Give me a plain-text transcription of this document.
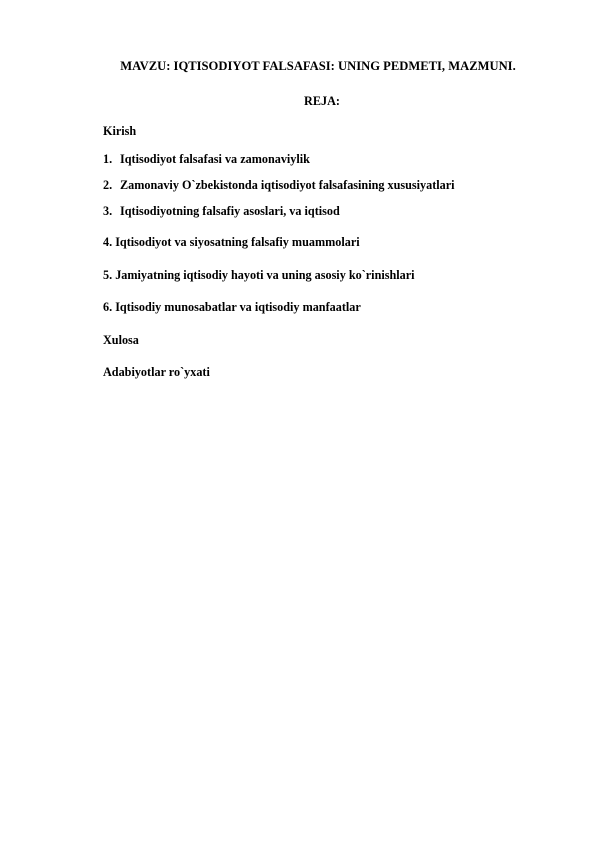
MAVZU: IQTISODIYOT FALSAFASI: UNING PEDMETI, MAZMUNI.
REJA:
Kirish
1. Iqtisodiyot falsafasi va zamonaviylik
2. Zamonaviy O`zbekistonda iqtisodiyot falsafasining xususiyatlari
3. Iqtisodiyotning falsafiy asoslari, va iqtisod
4. Iqtisodiyot va siyosatning falsafiy muammolari
5. Jamiyatning iqtisodiy hayoti va uning asosiy ko`rinishlari
6. Iqtisodiy munosabatlar va iqtisodiy manfaatlar
Xulosa
Adabiyotlar ro`yxati
